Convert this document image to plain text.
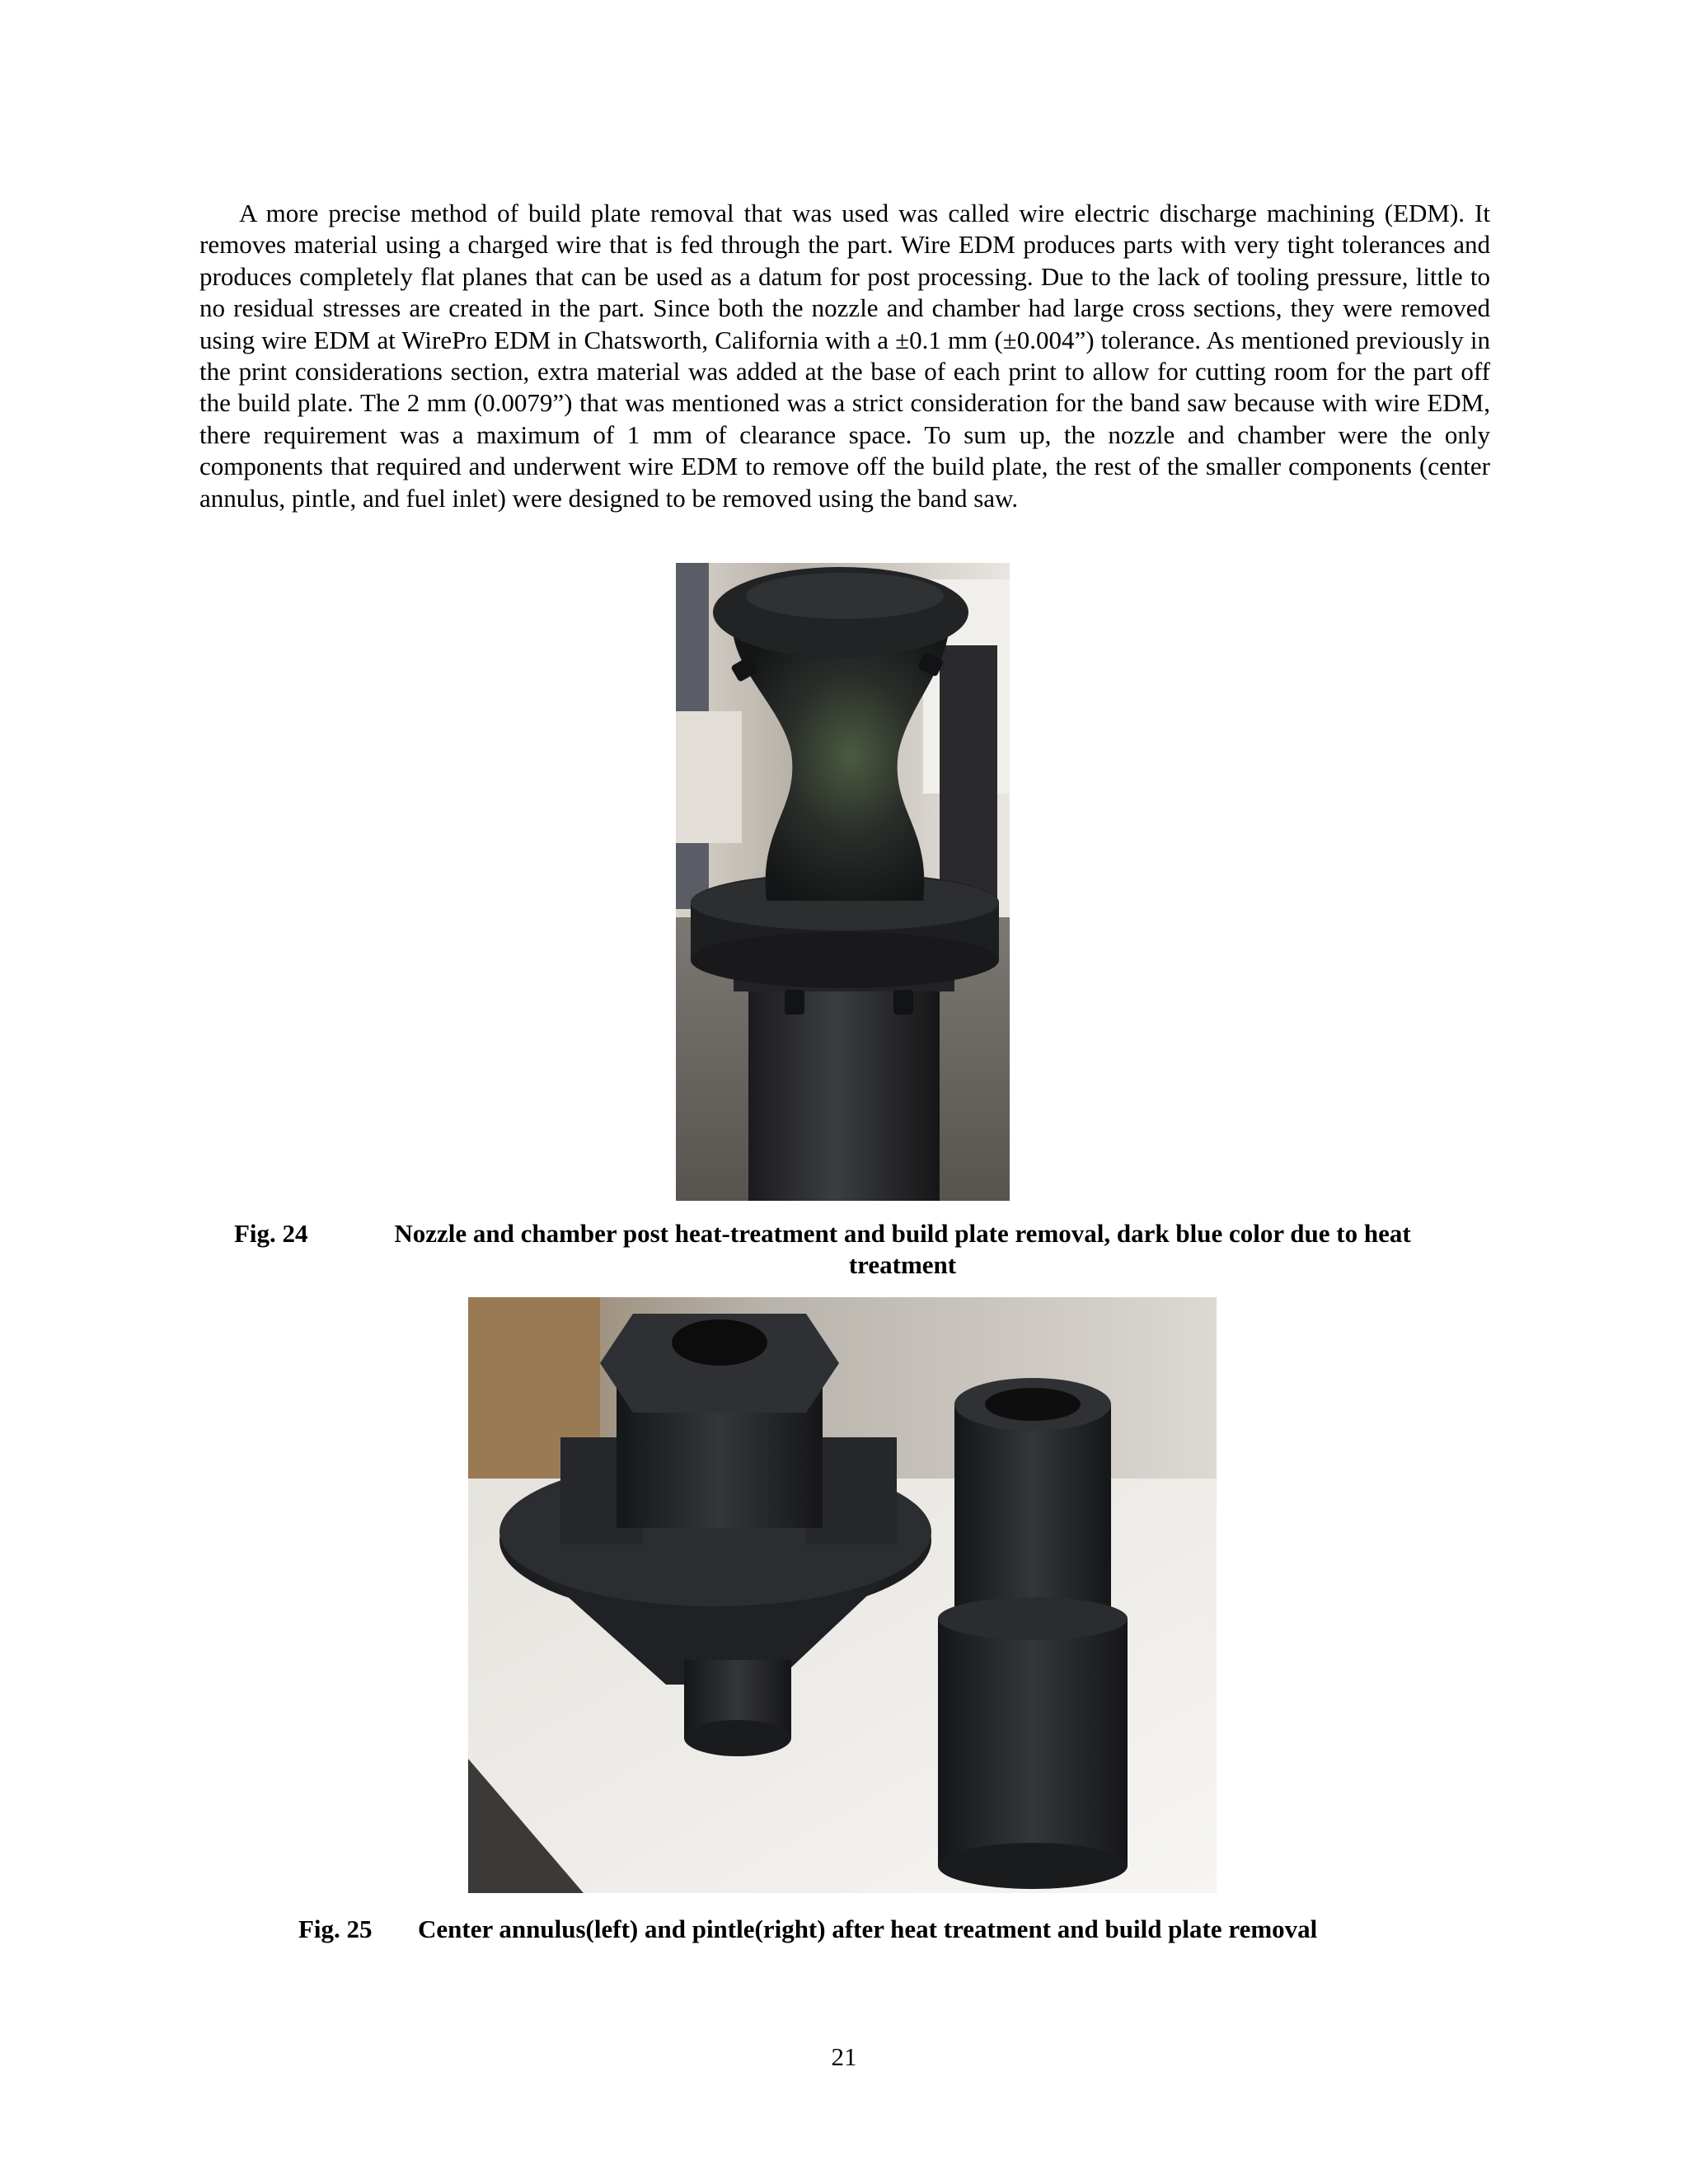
A more precise method of build plate removal that was used was called wire electric discharge machining (EDM). It removes material using a charged wire that is fed through the part. Wire EDM produces parts with very tight tolerances and produces completely flat planes that can be used as a datum for post processing. Due to the lack of tooling pressure, little to no residual stresses are created in the part. Since both the nozzle and chamber had large cross sections, they were removed using wire EDM at WirePro EDM in Chatsworth, California with a ±0.1 mm (±0.004”) tolerance. As mentioned previously in the print considerations section, extra material was added at the base of each print to allow for cutting room for the part off the build plate. The 2 mm (0.0079”) that was mentioned was a strict consideration for the band saw because with wire EDM, there requirement was a maximum of 1 mm of clearance space. To sum up, the nozzle and chamber were the only components that required and underwent wire EDM to remove off the build plate, the rest of the smaller components (center annulus, pintle, and fuel inlet) were designed to be removed using the band saw.

Fig. 24	Nozzle and chamber post heat-treatment and build plate removal, dark blue color due to heat treatment

Fig. 25 Center annulus(left) and pintle(right) after heat treatment and build plate removal

21
